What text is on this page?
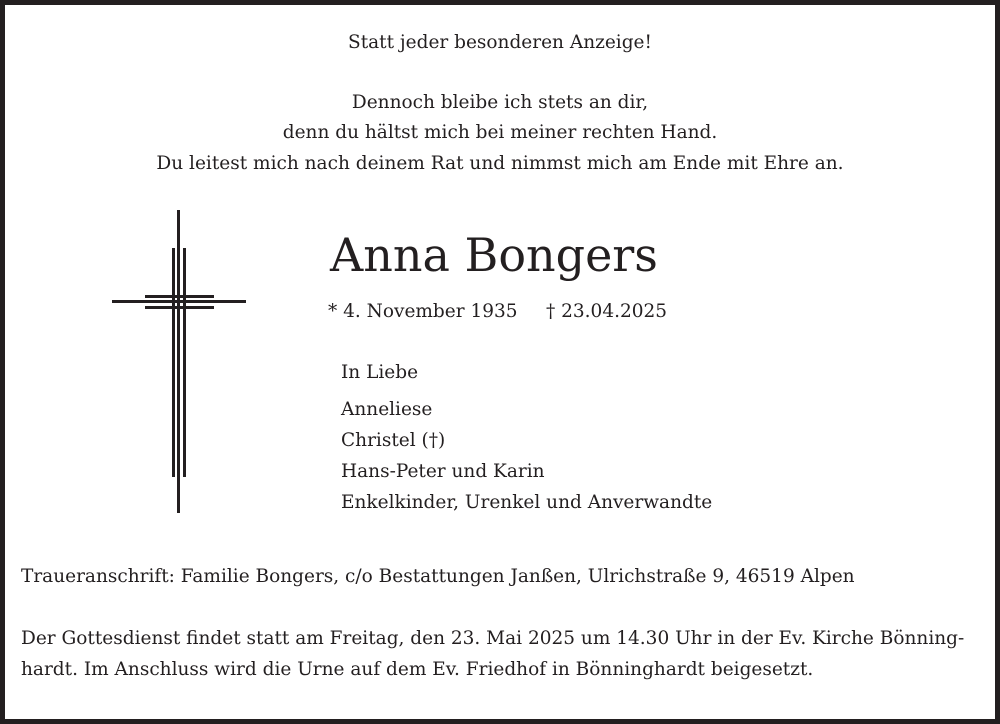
Statt jeder besonderen Anzeige!
Dennoch bleibe ich stets an dir,
denn du hältst mich bei meiner rechten Hand.
Du leitest mich nach deinem Rat und nimmst mich am Ende mit Ehre an.
Anna Bongers
* 4. November 1935 † 23.04.2025
In Liebe
Anneliese
Christel (†)
Hans-Peter und Karin
Enkelkinder, Urenkel und Anverwandte
Traueranschrift: Familie Bongers, c/o Bestattungen Janßen, Ulrichstraße 9, 46519 Alpen
Der Gottesdienst findet statt am Freitag, den 23. Mai 2025 um 14.30 Uhr in der Ev. Kirche Bönning-
hardt. Im Anschluss wird die Urne auf dem Ev. Friedhof in Bönninghardt beigesetzt.
